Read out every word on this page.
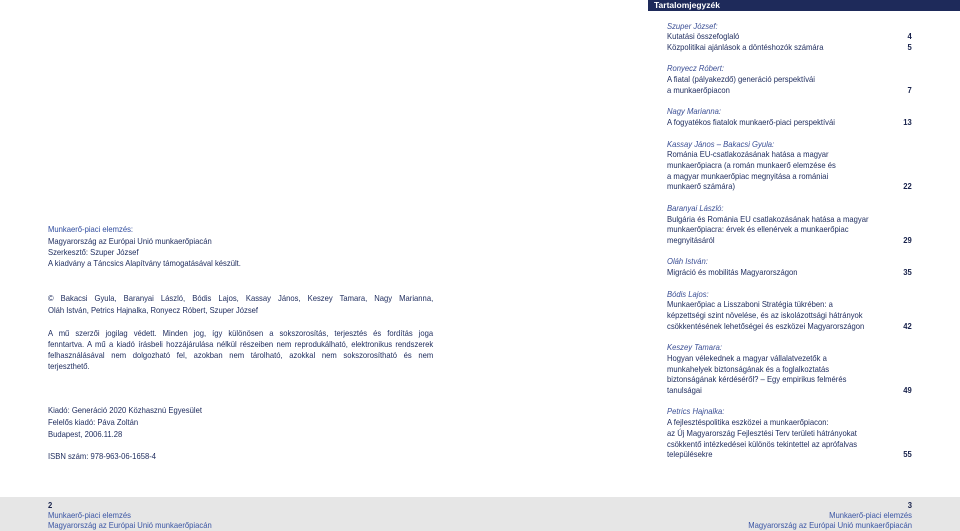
Tartalomjegyzék
Szuper József:
Kutatási összefoglaló	4
Közpolitikai ajánlások a döntéshozók számára	5
Ronyecz Róbert:
A fiatal (pályakezdő) generáció perspektívái
a munkaerőpiacon	7
Nagy Marianna:
A fogyatékos fiatalok munkaerő-piaci perspektívái	13
Kassay János – Bakacsi Gyula:
Románia EU-csatlakozásának hatása a magyar
munkaerőpiacra (a román munkaerő elemzése és
a magyar munkaerőpiac megnyitása a romániai
munkaerő számára)	22
Baranyai László:
Bulgária és Románia EU csatlakozásának hatása a magyar
munkaerőpiacra: érvek és ellenérvek a munkaerőpiac
megnyitásáról	29
Oláh István:
Migráció és mobilitás Magyarországon	35
Bódis Lajos:
Munkaerőpiac a Lisszaboni Stratégia tükrében: a
képzettségi szint növelése, és az iskolázottsági hátrányok
csökkentésének lehetőségei és eszközei Magyarországon	42
Keszey Tamara:
Hogyan vélekednek a magyar vállalatvezetők a
munkahelyek biztonságának és a foglalkoztatás
biztonságának kérdéséről? – Egy empirikus felmérés
tanulságai	49
Petrics Hajnalka:
A fejlesztéspolitika eszközei a munkaerőpiacon:
az Új Magyarország Fejlesztési Terv területi hátrányokat
csökkentő intézkedései különös tekintettel az aprófalvas
településekre	55
Munkaerő-piaci elemzés:
Magyarország az Európai Unió munkaerőpiacán
Szerkesztő: Szuper József
A kiadvány a Táncsics Alapítvány támogatásával készült.
© Bakacsi Gyula, Baranyai László, Bódis Lajos, Kassay János, Keszey Tamara, Nagy Marianna,
Oláh István, Petrics Hajnalka, Ronyecz Róbert, Szuper József
A mű szerzői jogilag védett. Minden jog, így különösen a sokszorosítás, terjesztés és fordítás joga
fenntartva. A mű a kiadó írásbeli hozzájárulása nélkül részeiben nem reprodukálható, elektronikus rendszerek
felhasználásával nem dolgozható fel, azokban nem tárolható, azokkal nem sokszorosítható és nem
terjeszthető.
Kiadó: Generáció 2020 Közhasznú Egyesület
Felelős kiadó: Páva Zoltán
Budapest, 2006.11.28
ISBN szám: 978-963-06-1658-4
2
Munkaerő-piaci elemzés
Magyarország az Európai Unió munkaerőpiacán
3
Munkaerő-piaci elemzés
Magyarország az Európai Unió munkaerőpiacán
